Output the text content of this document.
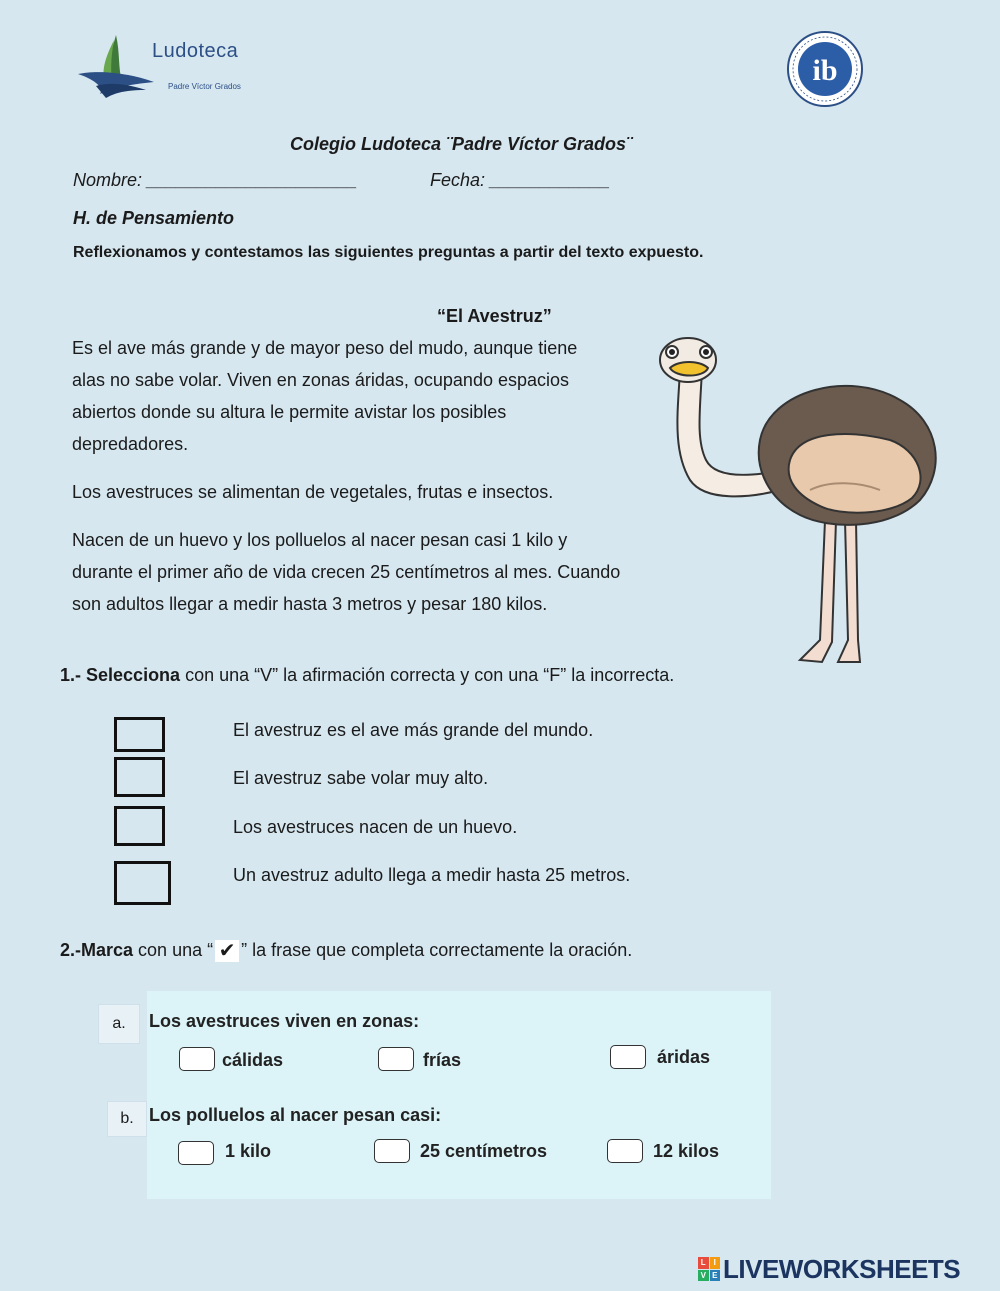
Ludoteca
Padre Víctor Grados	ib
Colegio Ludoteca ¨Padre Víctor Grados¨
Nombre: _____________________	Fecha: ____________
H. de Pensamiento
Reflexionamos y contestamos las siguientes preguntas a partir del texto expuesto.
“El Avestruz”
Es el ave más grande y de mayor peso del mudo, aunque tiene
alas no sabe volar. Viven en zonas áridas, ocupando espacios
abiertos donde su altura le permite avistar los posibles
depredadores.
Los avestruces se alimentan de vegetales, frutas e insectos.
Nacen de un huevo y los polluelos al nacer pesan casi 1 kilo y
durante el primer año de vida crecen 25 centímetros al mes. Cuando
son adultos llegar a medir hasta 3 metros y pesar 180 kilos.
1.- Selecciona con una “V” la afirmación correcta y con una “F” la incorrecta.
El avestruz es el ave más grande del mundo.
El avestruz sabe volar muy alto.
Los avestruces nacen de un huevo.
Un avestruz adulto llega a medir hasta 25 metros.
2.-Marca con una “ ✔ ” la frase que completa correctamente la oración.
a.	Los avestruces viven en zonas:
cálidas	frías	áridas
b. Los polluelos al nacer pesan casi:
1 kilo	25 centímetros	12 kilos
L I
V E LIVEWORKSHEETS
